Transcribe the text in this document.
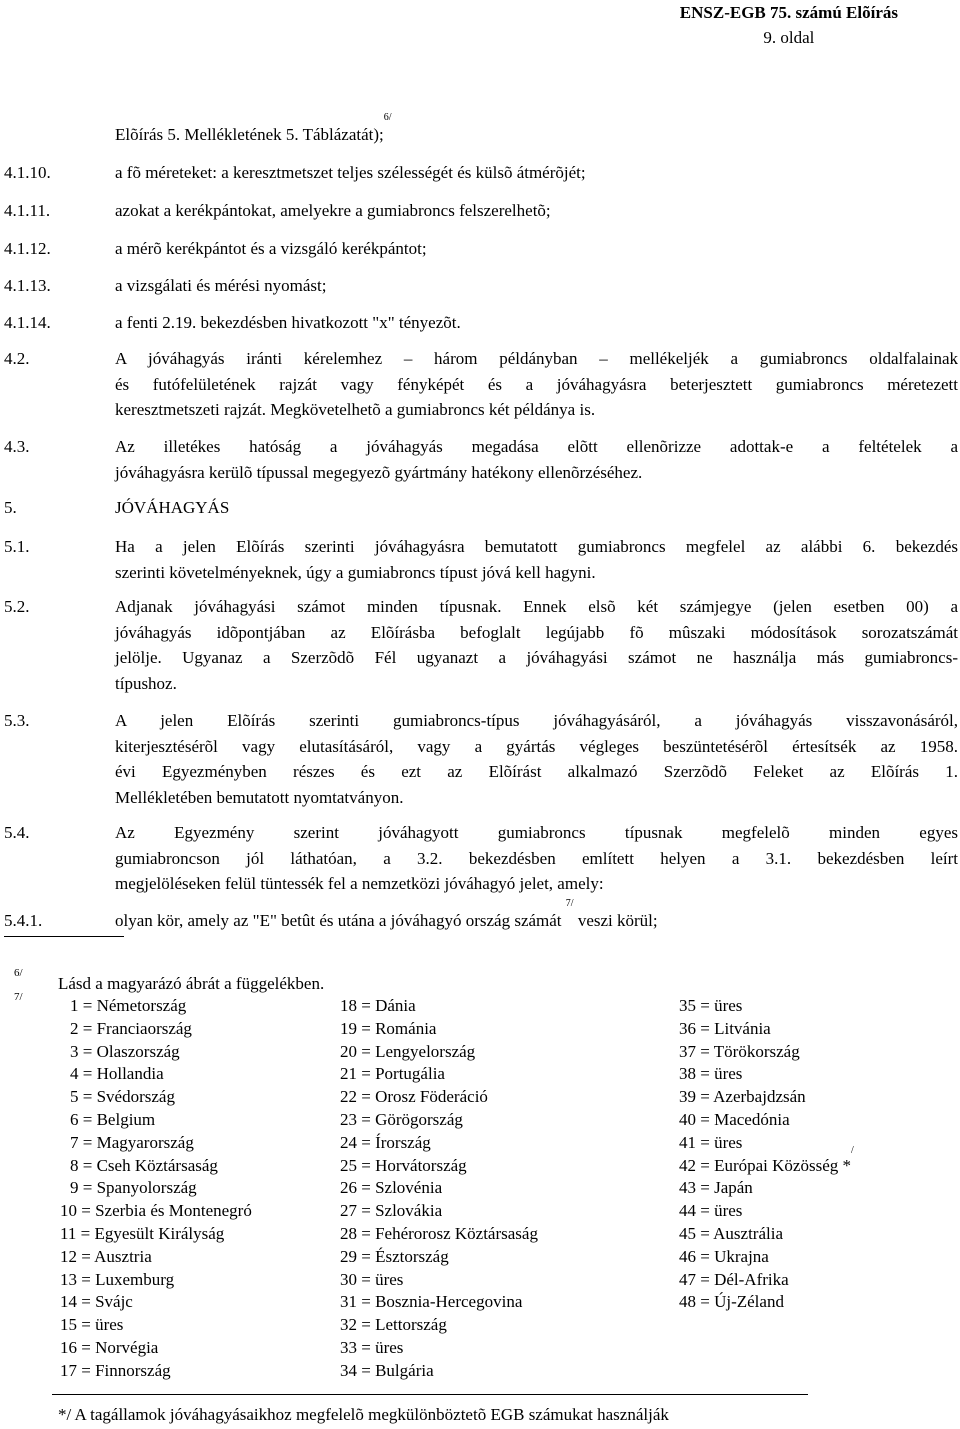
ENSZ-EGB 75. számú Elõírás
9. oldal
Elõírás 5. Mellékletének 5. Táblázatát);$^{6/}$
4.1.10.	a fõ méreteket: a keresztmetszet teljes szélességét és külsõ átmérõjét;
4.1.11.	azokat a kerékpántokat, amelyekre a gumiabroncs felszerelhetõ;
4.1.12.	a mérõ kerékpántot és a vizsgáló kerékpántot;
4.1.13.	a vizsgálati és mérési nyomást;
4.1.14.	a fenti 2.19. bekezdésben hivatkozott "x" tényezõt.
4.2.	A jóváhagyás iránti kérelemhez – három példányban – mellékeljék a gumiabroncs oldalfalainak
és futófelületének rajzát vagy fényképét és a jóváhagyásra beterjesztett gumiabroncs méretezett
keresztmetszeti rajzát. Megkövetelhetõ a gumiabroncs két példánya is.
4.3.	Az illetékes hatóság a jóváhagyás megadása elõtt ellenõrizze adottak-e a feltételek a
jóváhagyásra kerülõ típussal megegyezõ gyártmány hatékony ellenõrzéséhez.
5.	JÓVÁHAGYÁS
5.1.	Ha a jelen Elõírás szerinti jóváhagyásra bemutatott gumiabroncs megfelel az alábbi 6. bekezdés
szerinti követelményeknek, úgy a gumiabroncs típust jóvá kell hagyni.
5.2.	Adjanak jóváhagyási számot minden típusnak. Ennek elsõ két számjegye (jelen esetben 00) a
jóváhagyás idõpontjában az Elõírásba befoglalt legújabb fõ mûszaki módosítások sorozatszámát
jelölje. Ugyanaz a Szerzõdõ Fél ugyanazt a jóváhagyási számot ne használja más gumiabroncs-
típushoz.
5.3.	A jelen Elõírás szerinti gumiabroncs-típus jóváhagyásáról, a jóváhagyás visszavonásáról,
kiterjesztésérõl vagy elutasításáról, vagy a gyártás végleges beszüntetésérõl értesítsék az 1958.
évi Egyezményben részes és ezt az Elõírást alkalmazó Szerzõdõ Feleket az Elõírás 1.
Mellékletében bemutatott nyomtatványon.
5.4.	Az Egyezmény szerint jóváhagyott gumiabroncs típusnak megfelelõ minden egyes
gumiabroncson jól láthatóan, a 3.2. bekezdésben említett helyen a 3.1. bekezdésben leírt
megjelöléseken felül tüntessék fel a nemzetközi jóváhagyó jelet, amely:
5.4.1.	olyan kör, amely az "E" betût és utána a jóváhagyó ország számát $^{7/}$ veszi körül;
6/
Lásd a magyarázó ábrát a függelékben.
7/	1 = Németország
2 = Franciaország
3 = Olaszország
4 = Hollandia
5 = Svédország
6 = Belgium
7 = Magyarország
8 = Cseh Köztársaság
9 = Spanyolország
10 = Szerbia és Montenegró
11 = Egyesült Királyság
12 = Ausztria
13 = Luxemburg
14 = Svájc
15 = üres
16 = Norvégia
17 = Finnország
18 = Dánia
19 = Románia
20 = Lengyelország
21 = Portugália
22 = Orosz Föderáció
23 = Görögország
24 = Írország
25 = Horvátország
26 = Szlovénia
27 = Szlovákia
28 = Fehérorosz Köztársaság
29 = Észtország
30 = üres
31 = Bosznia-Hercegovina
32 = Lettország
33 = üres
34 = Bulgária
35 = üres
36 = Litvánia
37 = Törökország
38 = üres
39 = Azerbajdzsán
40 = Macedónia
41 = üres
42 = Európai Közösség */
43 = Japán
44 = üres
45 = Ausztrália
46 = Ukrajna
47 = Dél-Afrika
48 = Új-Zéland
*/ A tagállamok jóváhagyásaikhoz megfelelõ megkülönböztetõ EGB számukat használják
